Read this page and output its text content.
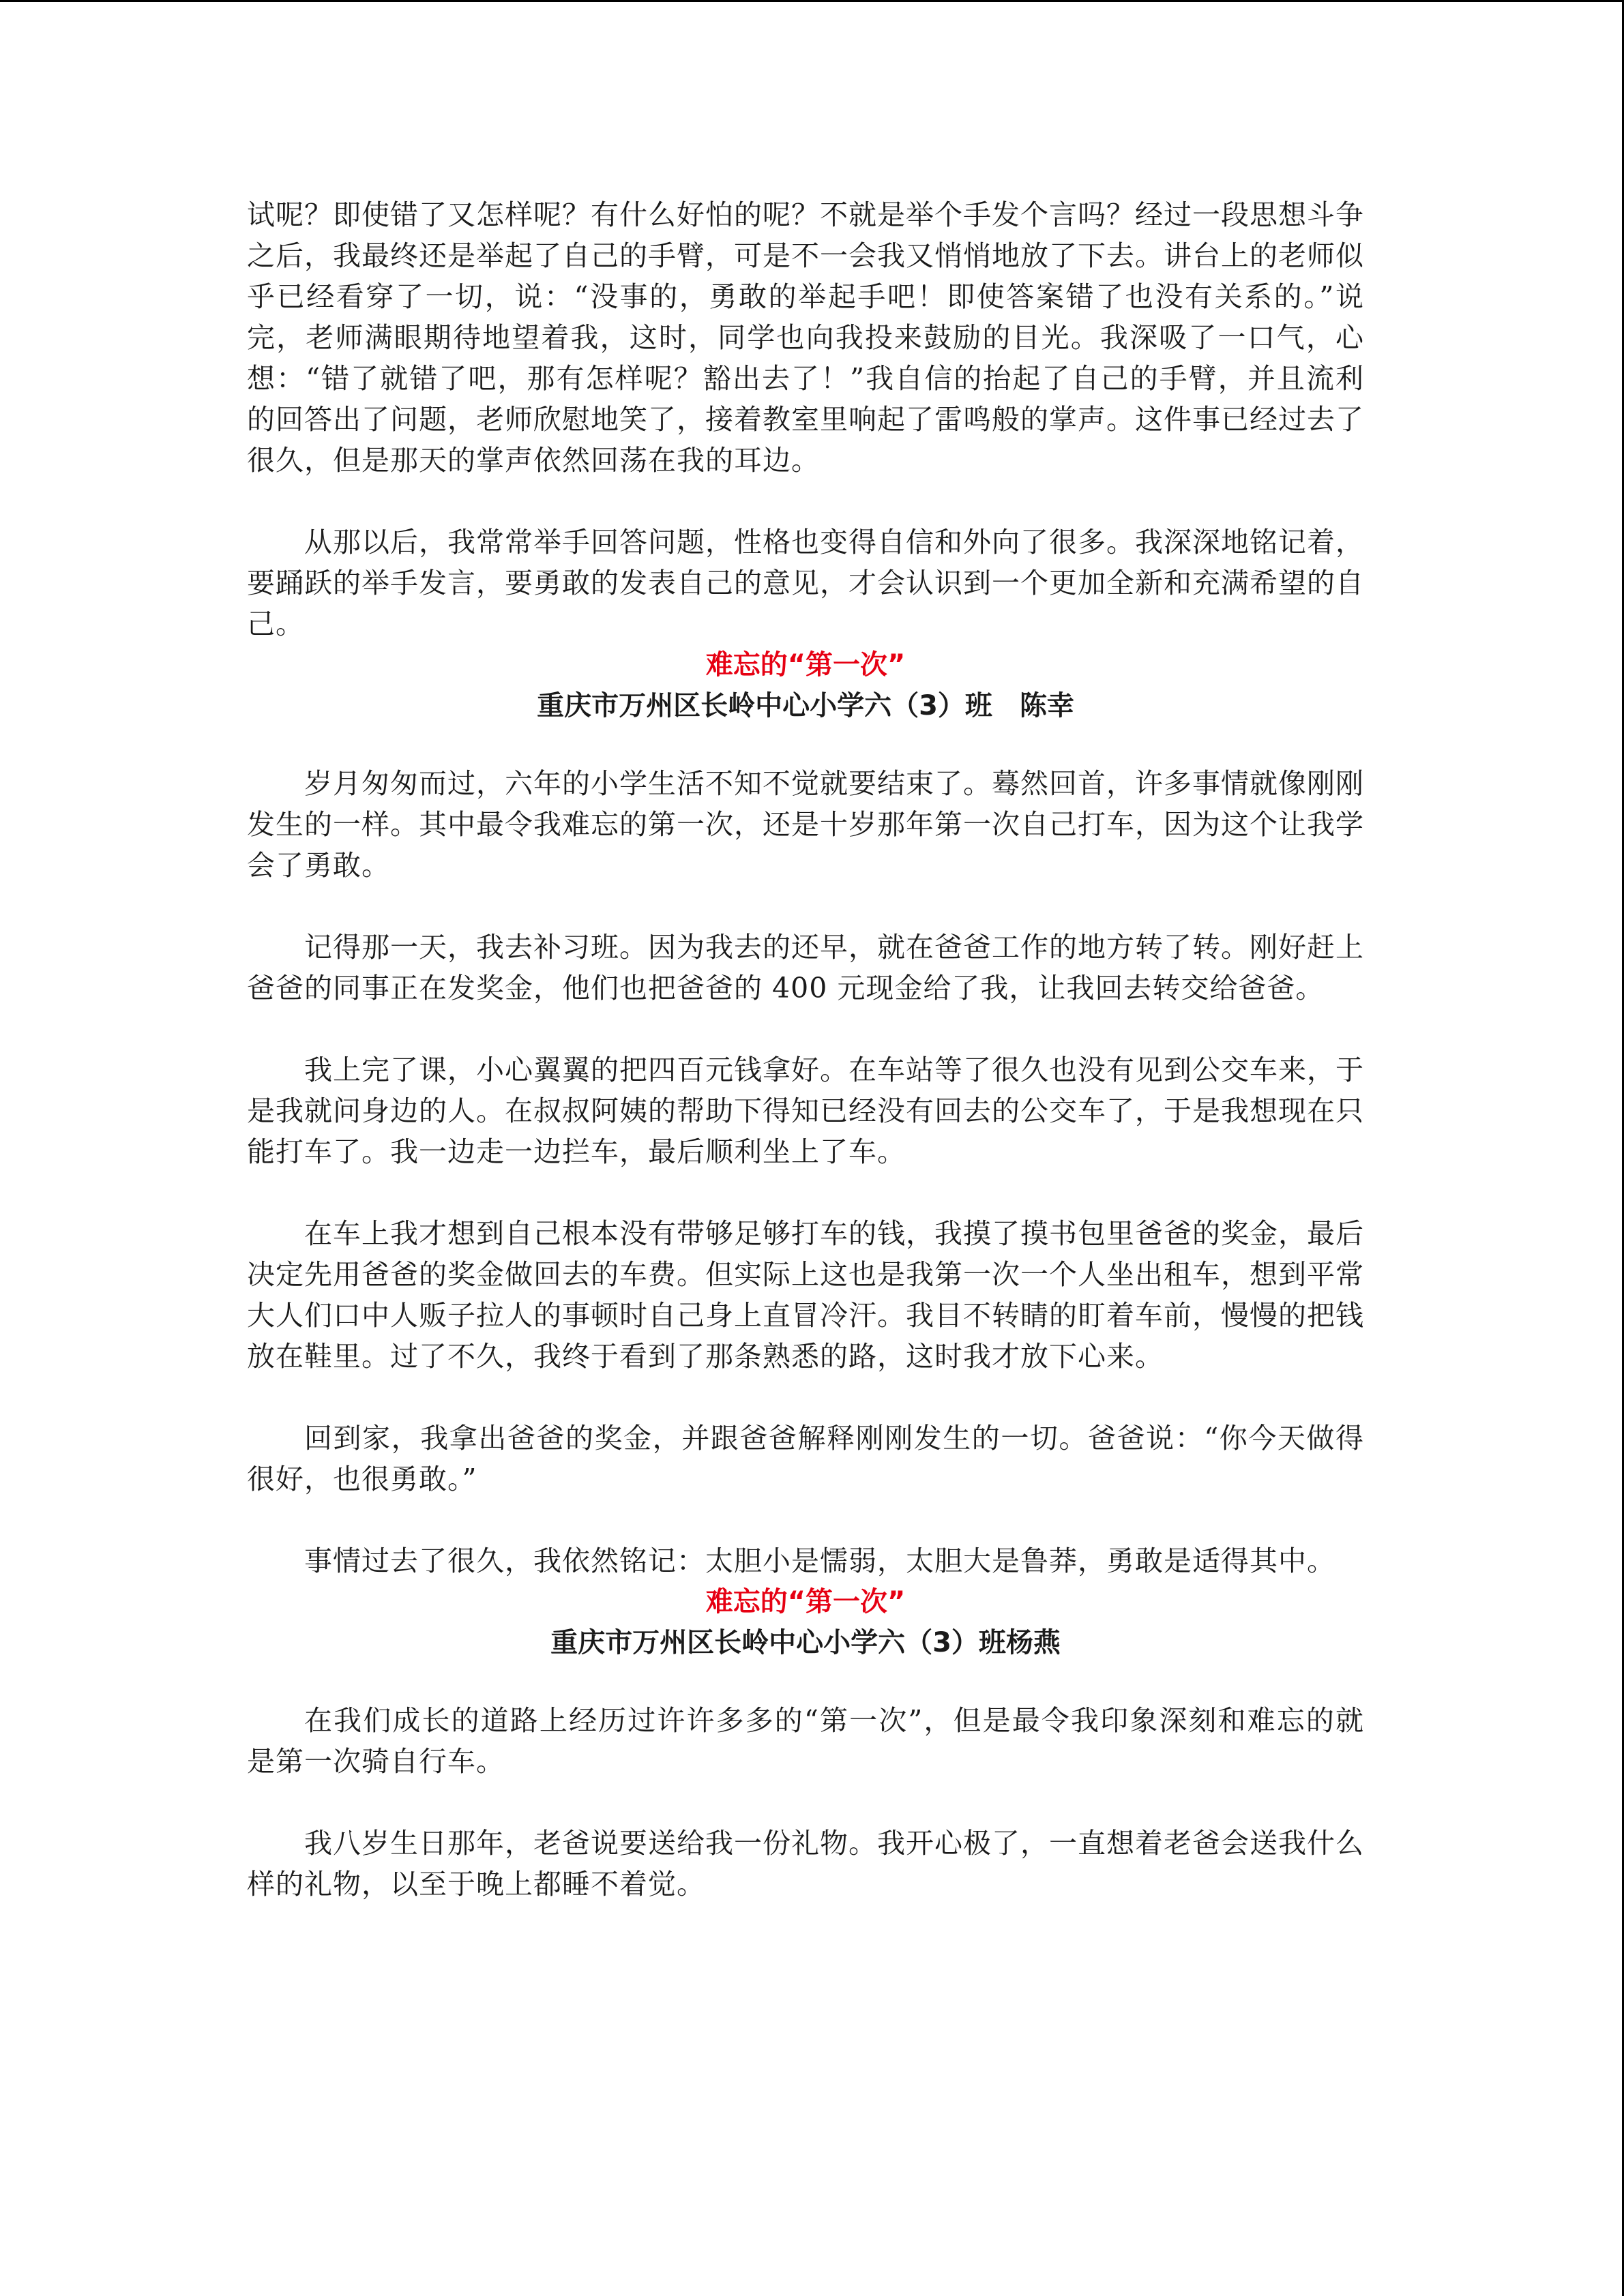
试呢？即使错了又怎样呢？有什么好怕的呢？不就是举个手发个言吗？经过一段思想斗争之后，我最终还是举起了自己的手臂，可是不一会我又悄悄地放了下去。讲台上的老师似乎已经看穿了一切，说：“没事的，勇敢的举起手吧！即使答案错了也没有关系的。”说完，老师满眼期待地望着我，这时，同学也向我投来鼓励的目光。我深吸了一口气，心想：“错了就错了吧，那有怎样呢？豁出去了！”我自信的抬起了自己的手臂，并且流利的回答出了问题，老师欣慰地笑了，接着教室里响起了雷鸣般的掌声。这件事已经过去了很久，但是那天的掌声依然回荡在我的耳边。

从那以后，我常常举手回答问题，性格也变得自信和外向了很多。我深深地铭记着，要踊跃的举手发言，要勇敢的发表自己的意见，才会认识到一个更加全新和充满希望的自己。

难忘的“第一次”
重庆市万州区长岭中心小学六（3）班　陈幸

岁月匆匆而过，六年的小学生活不知不觉就要结束了。蓦然回首，许多事情就像刚刚发生的一样。其中最令我难忘的第一次，还是十岁那年第一次自己打车，因为这个让我学会了勇敢。

记得那一天，我去补习班。因为我去的还早，就在爸爸工作的地方转了转。刚好赶上爸爸的同事正在发奖金，他们也把爸爸的 400 元现金给了我，让我回去转交给爸爸。

我上完了课，小心翼翼的把四百元钱拿好。在车站等了很久也没有见到公交车来，于是我就问身边的人。在叔叔阿姨的帮助下得知已经没有回去的公交车了，于是我想现在只能打车了。我一边走一边拦车，最后顺利坐上了车。

在车上我才想到自己根本没有带够足够打车的钱，我摸了摸书包里爸爸的奖金，最后决定先用爸爸的奖金做回去的车费。但实际上这也是我第一次一个人坐出租车，想到平常大人们口中人贩子拉人的事顿时自己身上直冒冷汗。我目不转睛的盯着车前，慢慢的把钱放在鞋里。过了不久，我终于看到了那条熟悉的路，这时我才放下心来。

回到家，我拿出爸爸的奖金，并跟爸爸解释刚刚发生的一切。爸爸说：“你今天做得很好，也很勇敢。”

事情过去了很久，我依然铭记：太胆小是懦弱，太胆大是鲁莽，勇敢是适得其中。

难忘的“第一次”
重庆市万州区长岭中心小学六（3）班杨燕

在我们成长的道路上经历过许许多多的“第一次”，但是最令我印象深刻和难忘的就是第一次骑自行车。

我八岁生日那年，老爸说要送给我一份礼物。我开心极了，一直想着老爸会送我什么样的礼物，以至于晚上都睡不着觉。
